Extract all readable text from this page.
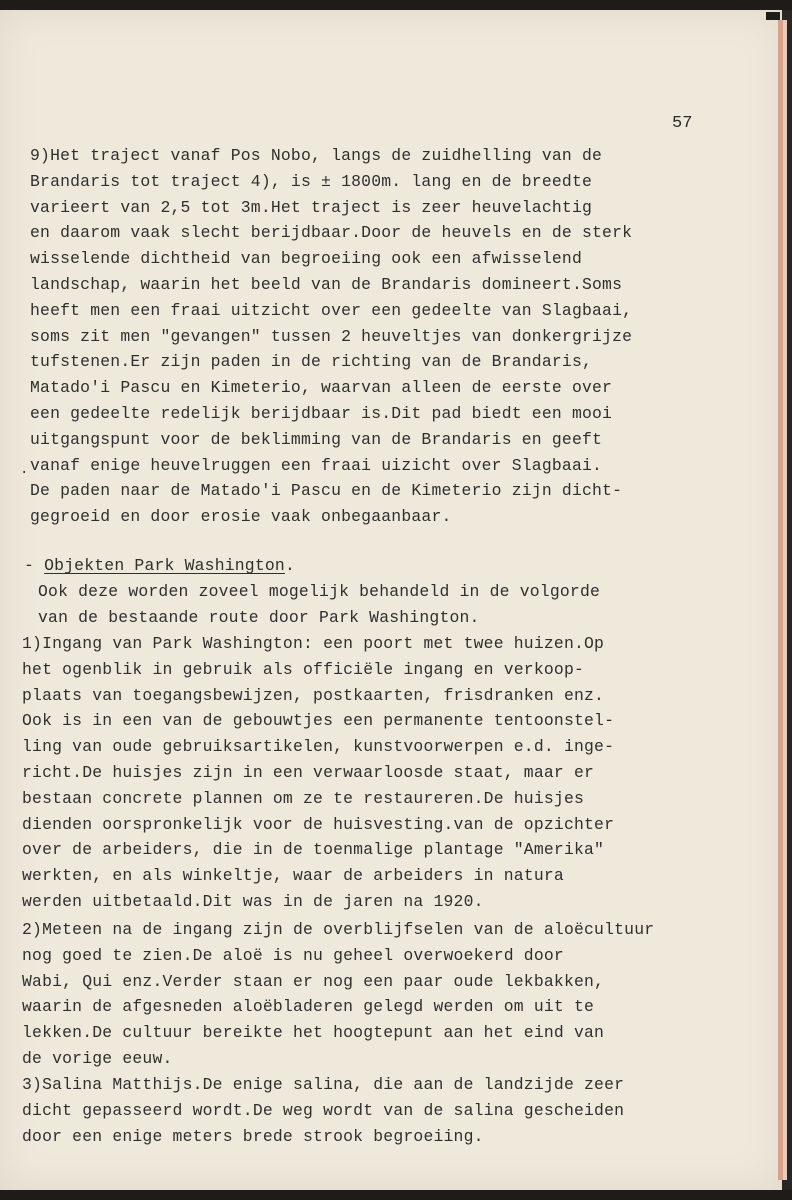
57
9)Het traject vanaf Pos Nobo, langs de zuidhelling van de
Brandaris tot traject 4), is ± 1800m. lang en de breedte
varieert van 2,5 tot 3m.Het traject is zeer heuvelachtig
en daarom vaak slecht berijdbaar.Door de heuvels en de sterk
wisselende dichtheid van begroeiing ook een afwisselend
landschap, waarin het beeld van de Brandaris domineert.Soms
heeft men een fraai uitzicht over een gedeelte van Slagbaai,
soms zit men "gevangen" tussen 2 heuveltjes van donkergrijze
tufstenen.Er zijn paden in de richting van de Brandaris,
Matado'i Pascu en Kimeterio, waarvan alleen de eerste over
een gedeelte redelijk berijdbaar is.Dit pad biedt een mooi
uitgangspunt voor de beklimming van de Brandaris en geeft
vanaf enige heuvelruggen een fraai uizicht over Slagbaai.
De paden naar de Matado'i Pascu en de Kimeterio zijn dicht-
gegroeid en door erosie vaak onbegaanbaar.
- Objekten Park Washington.
Ook deze worden zoveel mogelijk behandeld in de volgorde
van de bestaande route door Park Washington.
1)Ingang van Park Washington: een poort met twee huizen.Op
het ogenblik in gebruik als officiële ingang en verkoop-
plaats van toegangsbewijzen, postkaarten, frisdranken enz.
Ook is in een van de gebouwtjes een permanente tentoonstel-
ling van oude gebruiksartikelen, kunstvoorwerpen e.d. inge-
richt.De huisjes zijn in een verwaarloosde staat, maar er
bestaan concrete plannen om ze te restaureren.De huisjes
dienden oorspronkelijk voor de huisvesting.van de opzichter
over de arbeiders, die in de toenmalige plantage "Amerika"
werkten, en als winkeltje, waar de arbeiders in natura
werden uitbetaald.Dit was in de jaren na 1920.
2)Meteen na de ingang zijn de overblijfselen van de aloëcultuur
nog goed te zien.De aloë is nu geheel overwoekerd door
Wabi, Qui enz.Verder staan er nog een paar oude lekbakken,
waarin de afgesneden aloëbladeren gelegd werden om uit te
lekken.De cultuur bereikte het hoogtepunt aan het eind van
de vorige eeuw.
3)Salina Matthijs.De enige salina, die aan de landzijde zeer
dicht gepasseerd wordt.De weg wordt van de salina gescheiden
door een enige meters brede strook begroeiing.
.
